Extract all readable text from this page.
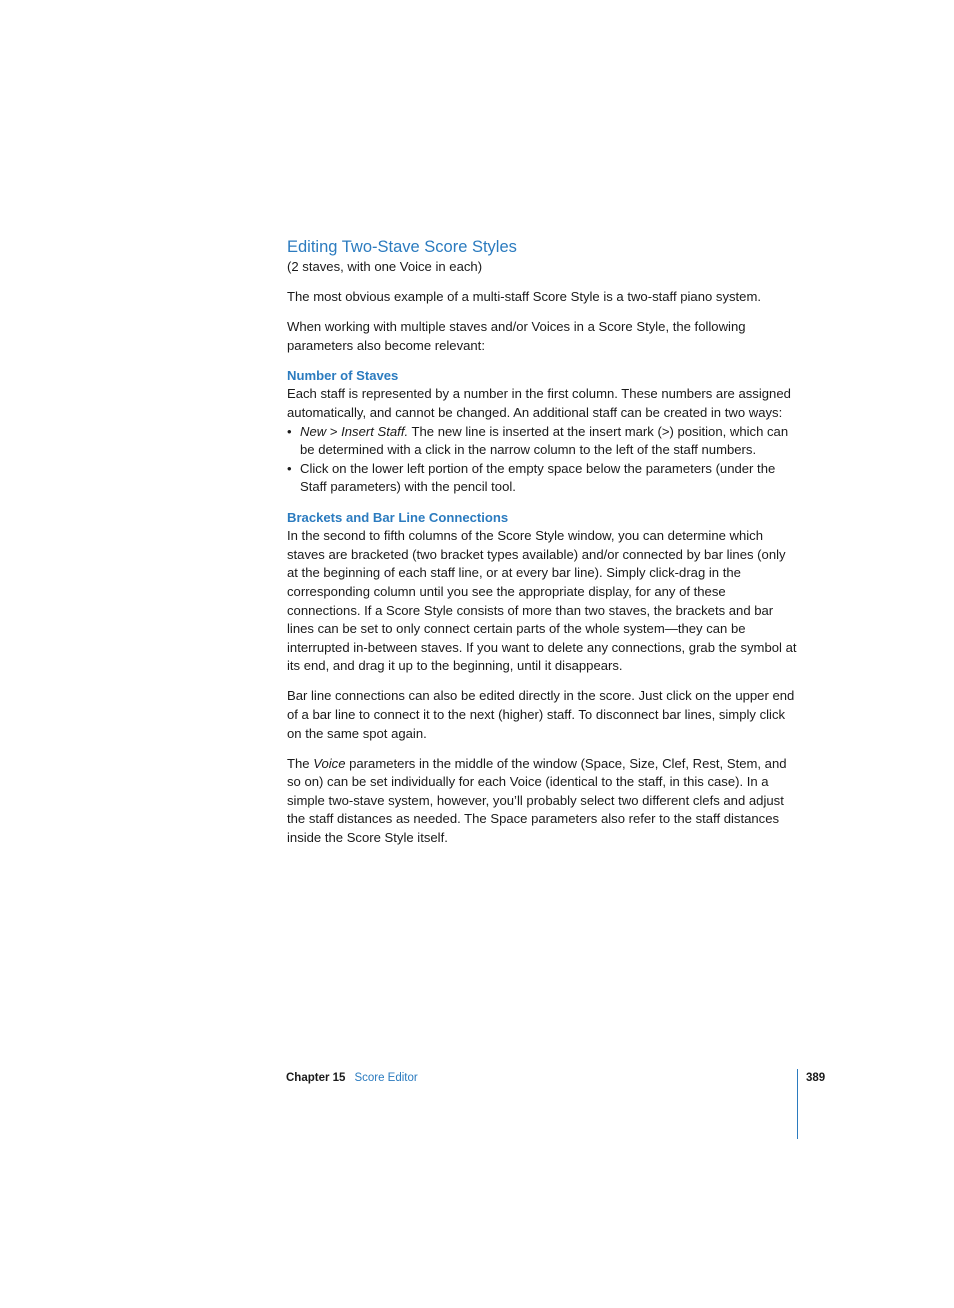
Editing Two-Stave Score Styles

(2 staves, with one Voice in each)

The most obvious example of a multi-staff Score Style is a two-staff piano system.

When working with multiple staves and/or Voices in a Score Style, the following parameters also become relevant:

Number of Staves

Each staff is represented by a number in the first column. These numbers are assigned automatically, and cannot be changed. An additional staff can be created in two ways:

• New > Insert Staff. The new line is inserted at the insert mark (>) position, which can be determined with a click in the narrow column to the left of the staff numbers.
• Click on the lower left portion of the empty space below the parameters (under the Staff parameters) with the pencil tool.
Brackets and Bar Line Connections

In the second to fifth columns of the Score Style window, you can determine which staves are bracketed (two bracket types available) and/or connected by bar lines (only at the beginning of each staff line, or at every bar line). Simply click-drag in the corresponding column until you see the appropriate display, for any of these connections. If a Score Style consists of more than two staves, the brackets and bar lines can be set to only connect certain parts of the whole system—they can be interrupted in-between staves. If you want to delete any connections, grab the symbol at its end, and drag it up to the beginning, until it disappears.

Bar line connections can also be edited directly in the score. Just click on the upper end of a bar line to connect it to the next (higher) staff. To disconnect bar lines, simply click on the same spot again.

The Voice parameters in the middle of the window (Space, Size, Clef, Rest, Stem, and so on) can be set individually for each Voice (identical to the staff, in this case). In a simple two-stave system, however, you’ll probably select two different clefs and adjust the staff distances as needed. The Space parameters also refer to the staff distances inside the Score Style itself.

Chapter 15 Score Editor	389
